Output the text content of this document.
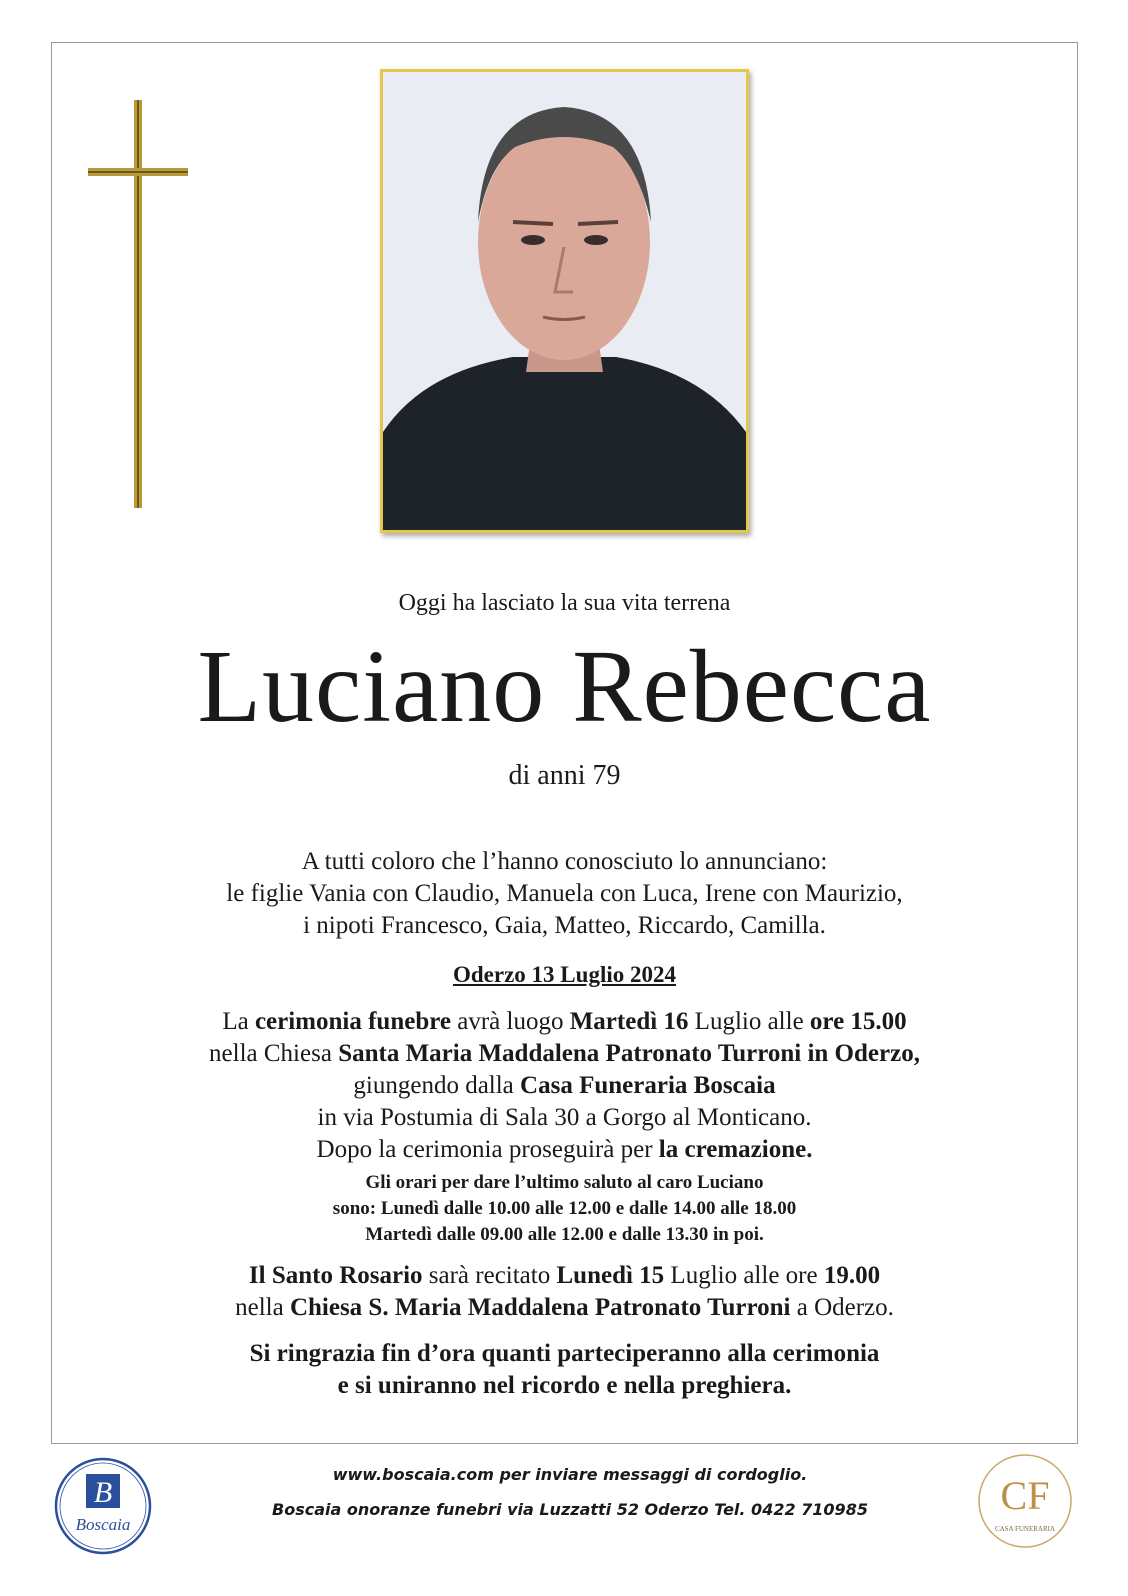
Oggi ha lasciato la sua vita terrena
Luciano Rebecca
di anni 79
A tutti coloro che l’hanno conosciuto lo annunciano:
le figlie Vania con Claudio, Manuela con Luca, Irene con Maurizio,
i nipoti Francesco, Gaia, Matteo, Riccardo, Camilla.
Oderzo 13 Luglio 2024
La cerimonia funebre avrà luogo Martedì 16 Luglio alle ore 15.00
nella Chiesa Santa Maria Maddalena Patronato Turroni in Oderzo,
giungendo dalla Casa Funeraria Boscaia
in via Postumia di Sala 30 a Gorgo al Monticano.
Dopo la cerimonia proseguirà per la cremazione.
Gli orari per dare l’ultimo saluto al caro Luciano
sono: Lunedì dalle 10.00 alle 12.00 e dalle 14.00 alle 18.00
Martedì dalle 09.00 alle 12.00 e dalle 13.30 in poi.
Il Santo Rosario sarà recitato Lunedì 15 Luglio alle ore 19.00
nella Chiesa S. Maria Maddalena Patronato Turroni a Oderzo.
Si ringrazia fin d’ora quanti parteciperanno alla cerimonia
e si uniranno nel ricordo e nella preghiera.
B
Boscaia
www.boscaia.com per inviare messaggi di cordoglio.
Boscaia onoranze funebri via Luzzatti 52 Oderzo Tel. 0422 710985	CF
CASA FUNERARIA
